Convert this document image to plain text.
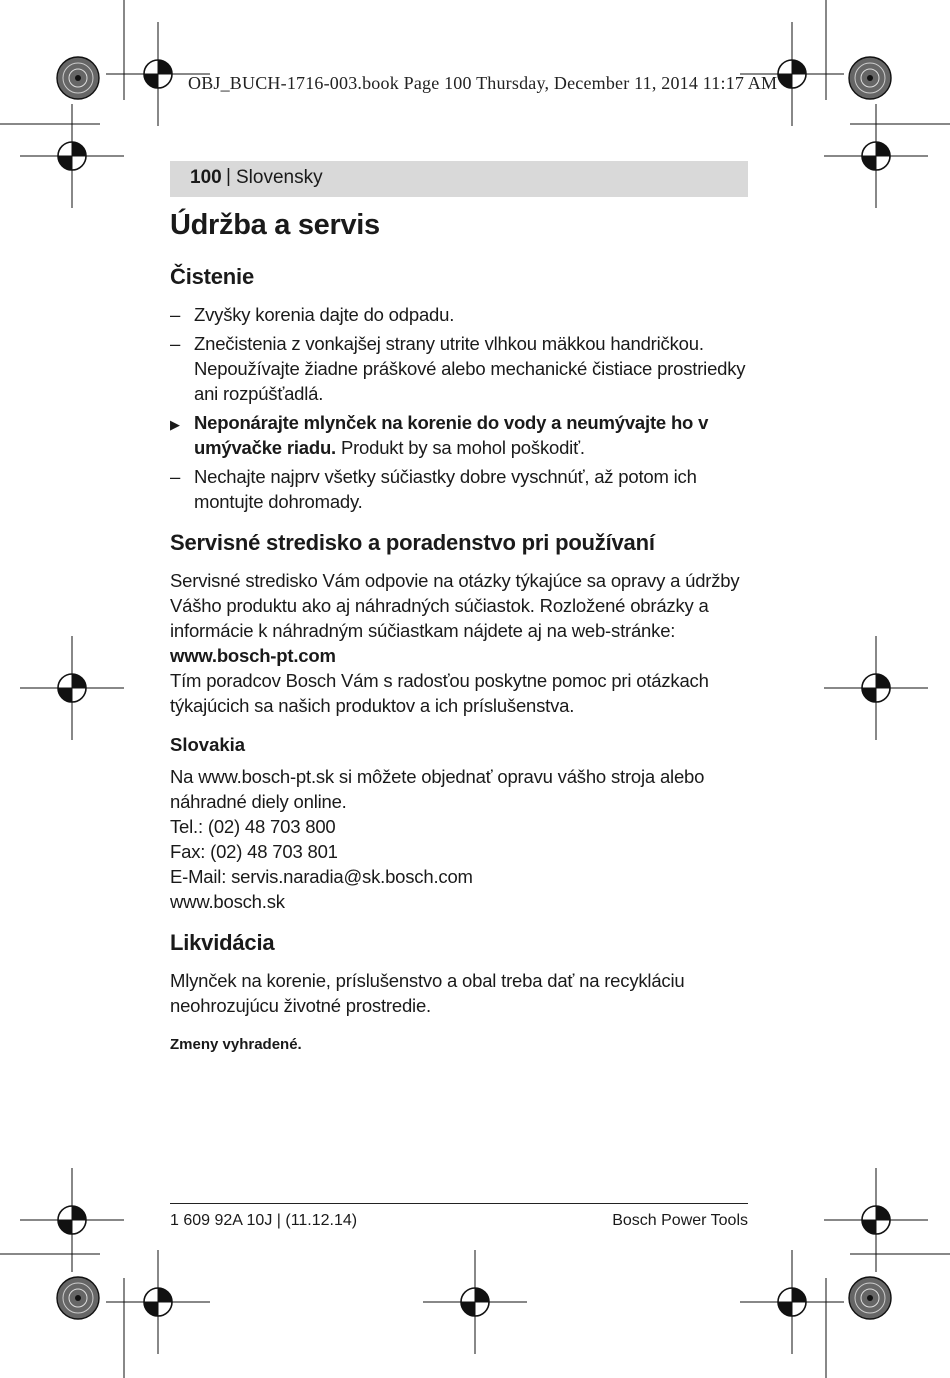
OBJ_BUCH-1716-003.book Page 100 Thursday, December 11, 2014 11:17 AM
100 | Slovensky
Údržba a servis
Čistenie
– Zvyšky korenia dajte do odpadu.
– Znečistenia z vonkajšej strany utrite vlhkou mäkkou handričkou. Nepoužívajte žiadne práškové alebo mechanické čistiace prostriedky ani rozpúšťadlá.
▶ Neponárajte mlynček na korenie do vody a neumývajte ho v umývačke riadu. Produkt by sa mohol poškodiť.
– Nechajte najprv všetky súčiastky dobre vyschnúť, až potom ich montujte dohromady.
Servisné stredisko a poradenstvo pri používaní

Servisné stredisko Vám odpovie na otázky týkajúce sa opravy a údržby Vášho produktu ako aj náhradných súčiastok. Rozložené obrázky a informácie k náhradným súčiastkam nájdete aj na web-stránke:

www.bosch-pt.com

Tím poradcov Bosch Vám s radosťou poskytne pomoc pri otázkach týkajúcich sa našich produktov a ich príslušenstva.

Slovakia

Na www.bosch-pt.sk si môžete objednať opravu vášho stroja alebo náhradné diely online.

Tel.: (02) 48 703 800

Fax: (02) 48 703 801

E-Mail: servis.naradia@sk.bosch.com

www.bosch.sk

Likvidácia

Mlynček na korenie, príslušenstvo a obal treba dať na recykláciu neohrozujúcu životné prostredie.

Zmeny vyhradené.
1 609 92A 10J | (11.12.14)	Bosch Power Tools
